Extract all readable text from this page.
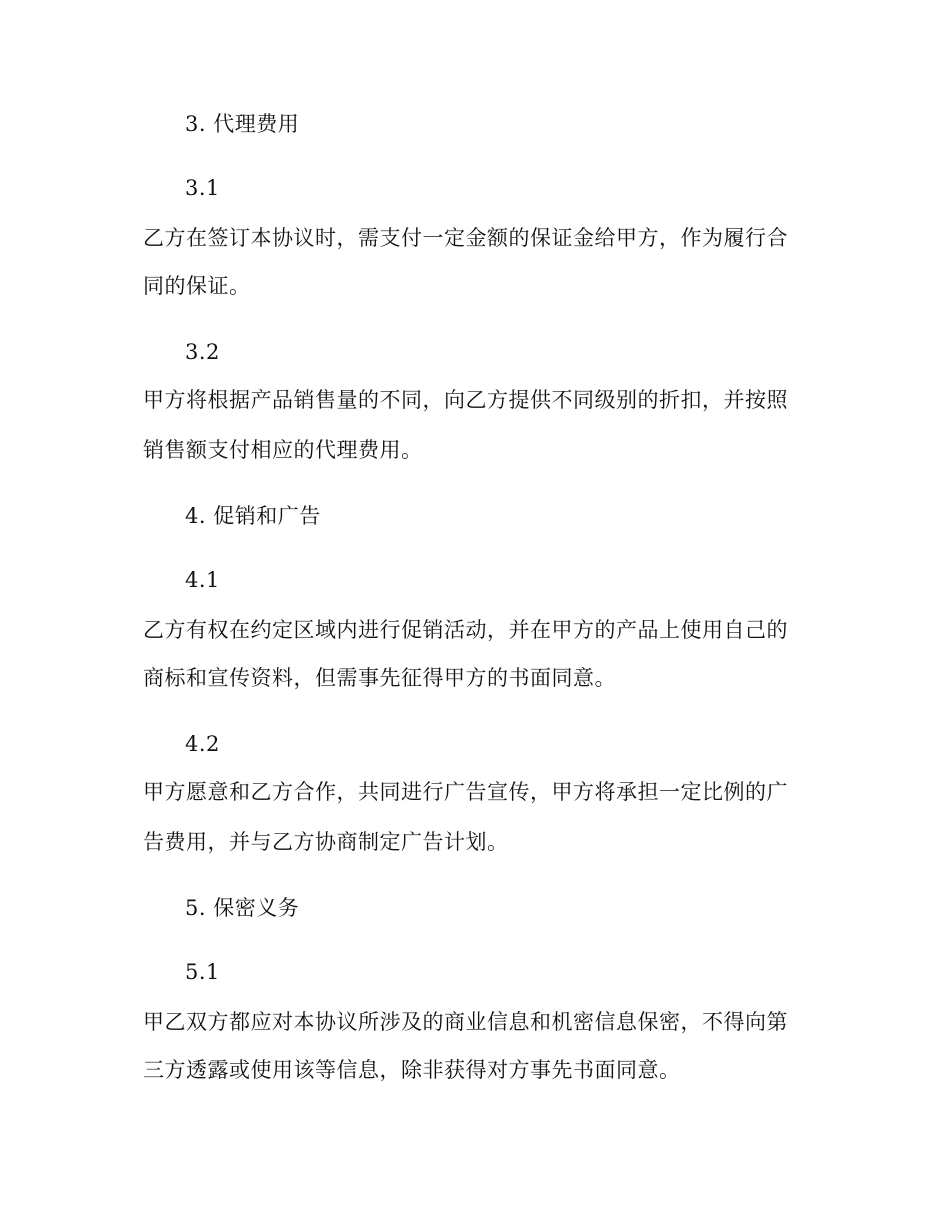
3. 代理费用
3.1
乙方在签订本协议时，需支付一定金额的保证金给甲方，作为履行合
同的保证。
3.2
甲方将根据产品销售量的不同，向乙方提供不同级别的折扣，并按照
销售额支付相应的代理费用。
4. 促销和广告
4.1
乙方有权在约定区域内进行促销活动，并在甲方的产品上使用自己的
商标和宣传资料，但需事先征得甲方的书面同意。
4.2
甲方愿意和乙方合作，共同进行广告宣传，甲方将承担一定比例的广
告费用，并与乙方协商制定广告计划。
5. 保密义务
5.1
甲乙双方都应对本协议所涉及的商业信息和机密信息保密，不得向第
三方透露或使用该等信息，除非获得对方事先书面同意。
